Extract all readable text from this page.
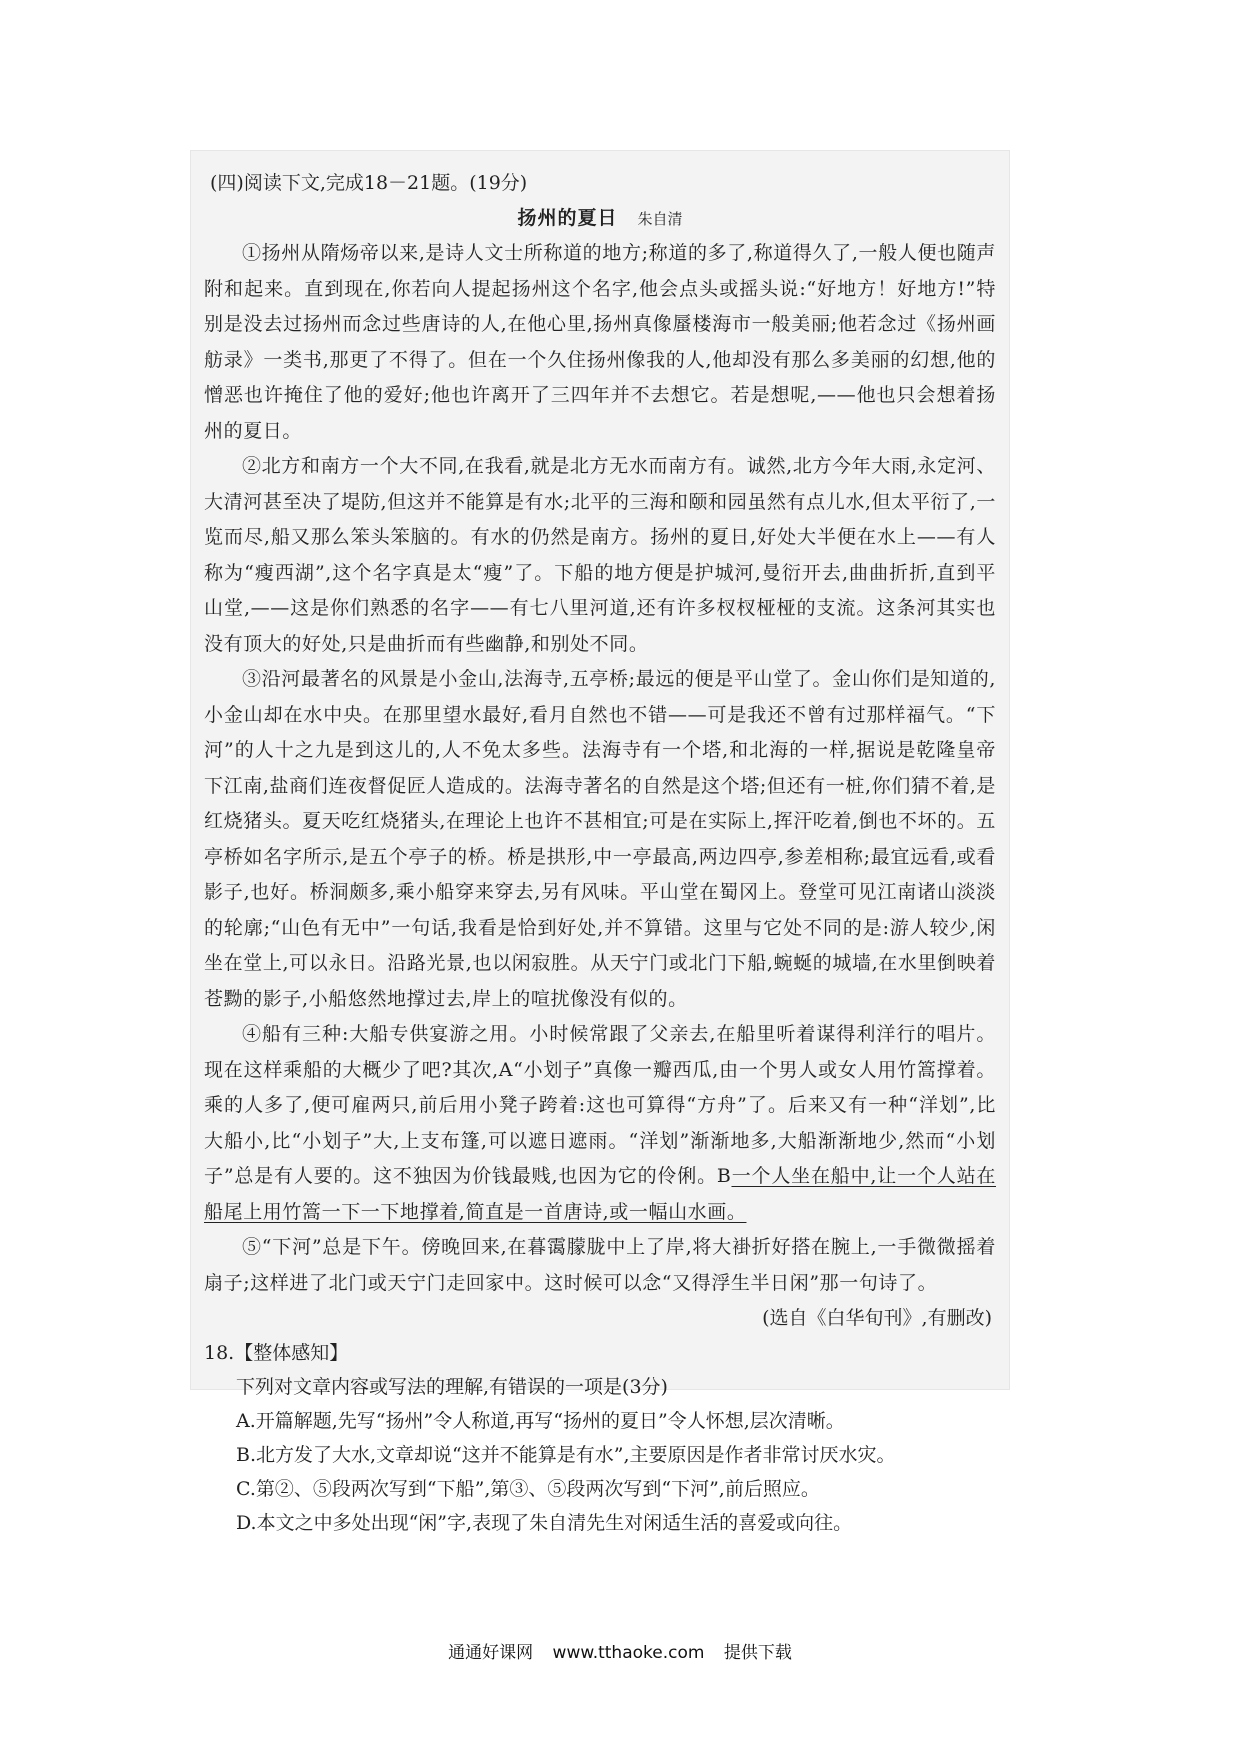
(四)阅读下文,完成18－21题。(19分)
扬州的夏日 朱自清

①扬州从隋炀帝以来,是诗人文士所称道的地方;称道的多了,称道得久了,一般人便也随声附和起来。直到现在,你若向人提起扬州这个名字,他会点头或摇头说:“好地方！好地方!”特别是没去过扬州而念过些唐诗的人,在他心里,扬州真像蜃楼海市一般美丽;他若念过《扬州画舫录》一类书,那更了不得了。但在一个久住扬州像我的人,他却没有那么多美丽的幻想,他的憎恶也许掩住了他的爱好;他也许离开了三四年并不去想它。若是想呢,——他也只会想着扬州的夏日。

②北方和南方一个大不同,在我看,就是北方无水而南方有。诚然,北方今年大雨,永定河、大清河甚至决了堤防,但这并不能算是有水;北平的三海和颐和园虽然有点儿水,但太平衍了,一览而尽,船又那么笨头笨脑的。有水的仍然是南方。扬州的夏日,好处大半便在水上——有人称为“瘦西湖”,这个名字真是太“瘦”了。下船的地方便是护城河,曼衍开去,曲曲折折,直到平山堂,——这是你们熟悉的名字——有七八里河道,还有许多杈杈桠桠的支流。这条河其实也没有顶大的好处,只是曲折而有些幽静,和别处不同。

③沿河最著名的风景是小金山,法海寺,五亭桥;最远的便是平山堂了。金山你们是知道的,小金山却在水中央。在那里望水最好,看月自然也不错——可是我还不曾有过那样福气。“下河”的人十之九是到这儿的,人不免太多些。法海寺有一个塔,和北海的一样,据说是乾隆皇帝下江南,盐商们连夜督促匠人造成的。法海寺著名的自然是这个塔;但还有一桩,你们猜不着,是红烧猪头。夏天吃红烧猪头,在理论上也许不甚相宜;可是在实际上,挥汗吃着,倒也不坏的。五亭桥如名字所示,是五个亭子的桥。桥是拱形,中一亭最高,两边四亭,参差相称;最宜远看,或看影子,也好。桥洞颇多,乘小船穿来穿去,另有风味。平山堂在蜀冈上。登堂可见江南诸山淡淡的轮廓;“山色有无中”一句话,我看是恰到好处,并不算错。这里与它处不同的是:游人较少,闲坐在堂上,可以永日。沿路光景,也以闲寂胜。从天宁门或北门下船,蜿蜒的城墙,在水里倒映着苍黝的影子,小船悠然地撑过去,岸上的喧扰像没有似的。

④船有三种:大船专供宴游之用。小时候常跟了父亲去,在船里听着谋得利洋行的唱片。现在这样乘船的大概少了吧?其次,A“小划子”真像一瓣西瓜,由一个男人或女人用竹篙撑着。乘的人多了,便可雇两只,前后用小凳子跨着:这也可算得“方舟”了。后来又有一种“洋划”,比大船小,比“小划子”大,上支布篷,可以遮日遮雨。“洋划”渐渐地多,大船渐渐地少,然而“小划子”总是有人要的。这不独因为价钱最贱,也因为它的伶俐。B一个人坐在船中,让一个人站在船尾上用竹篙一下一下地撑着,简直是一首唐诗,或一幅山水画。

⑤“下河”总是下午。傍晚回来,在暮霭朦胧中上了岸,将大褂折好搭在腕上,一手微微摇着扇子;这样进了北门或天宁门走回家中。这时候可以念“又得浮生半日闲”那一句诗了。

(选自《白华旬刊》,有删改)
18.【整体感知】
下列对文章内容或写法的理解,有错误的一项是(3分)
A.开篇解题,先写“扬州”令人称道,再写“扬州的夏日”令人怀想,层次清晰。
B.北方发了大水,文章却说“这并不能算是有水”,主要原因是作者非常讨厌水灾。
C.第②、⑤段两次写到“下船”,第③、⑤段两次写到“下河”,前后照应。
D.本文之中多处出现“闲”字,表现了朱自清先生对闲适生活的喜爱或向往。
通通好课网 www.tthaoke.com 提供下载
